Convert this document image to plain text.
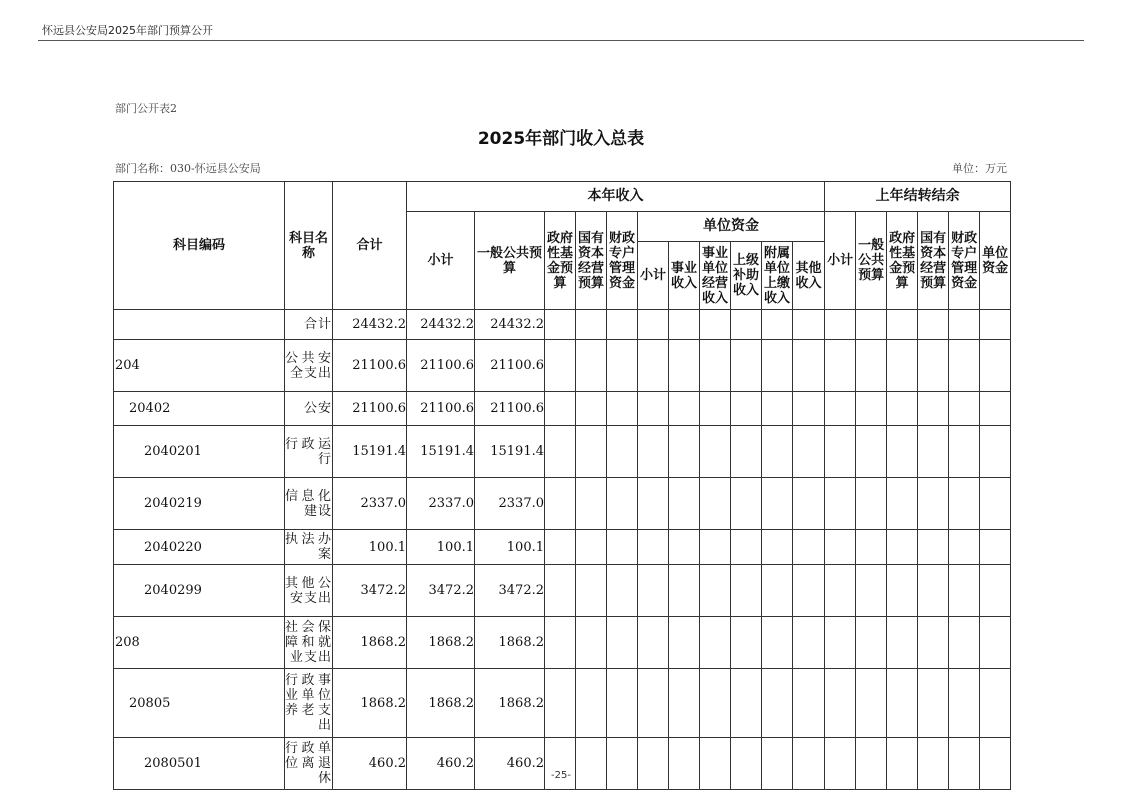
怀远县公安局2025年部门预算公开
部门公开表2
2025年部门收入总表
部门名称：030-怀远县公安局	单位：万元
科目编码	科目名称	合计	本年收入											上年结转结余					
			小计	一般公共预算	政府性基金预算	国有资本经营预算	财政专户管理资金	单位资金						小计	一般公共预算	政府性基金预算	国有资本经营预算	财政专户管理资金	单位资金
								小计	事业收入	事业单位经营收入	上级补助收入	附属单位上缴收入	其他收入						
	合计	24432.2	24432.2	24432.2															
204	公共安全支出	21100.6	21100.6	21100.6															
20402	公安	21100.6	21100.6	21100.6															
2040201	行政运行	15191.4	15191.4	15191.4															
2040219	信息化建设	2337.0	2337.0	2337.0															
2040220	执法办案	100.1	100.1	100.1															
2040299	其他公安支出	3472.2	3472.2	3472.2															
208	社会保障和就业支出	1868.2	1868.2	1868.2															
20805	行政事业单位养老支出	1868.2	1868.2	1868.2															
2080501	行政单位离退休	460.2	460.2	460.2															
-25-
